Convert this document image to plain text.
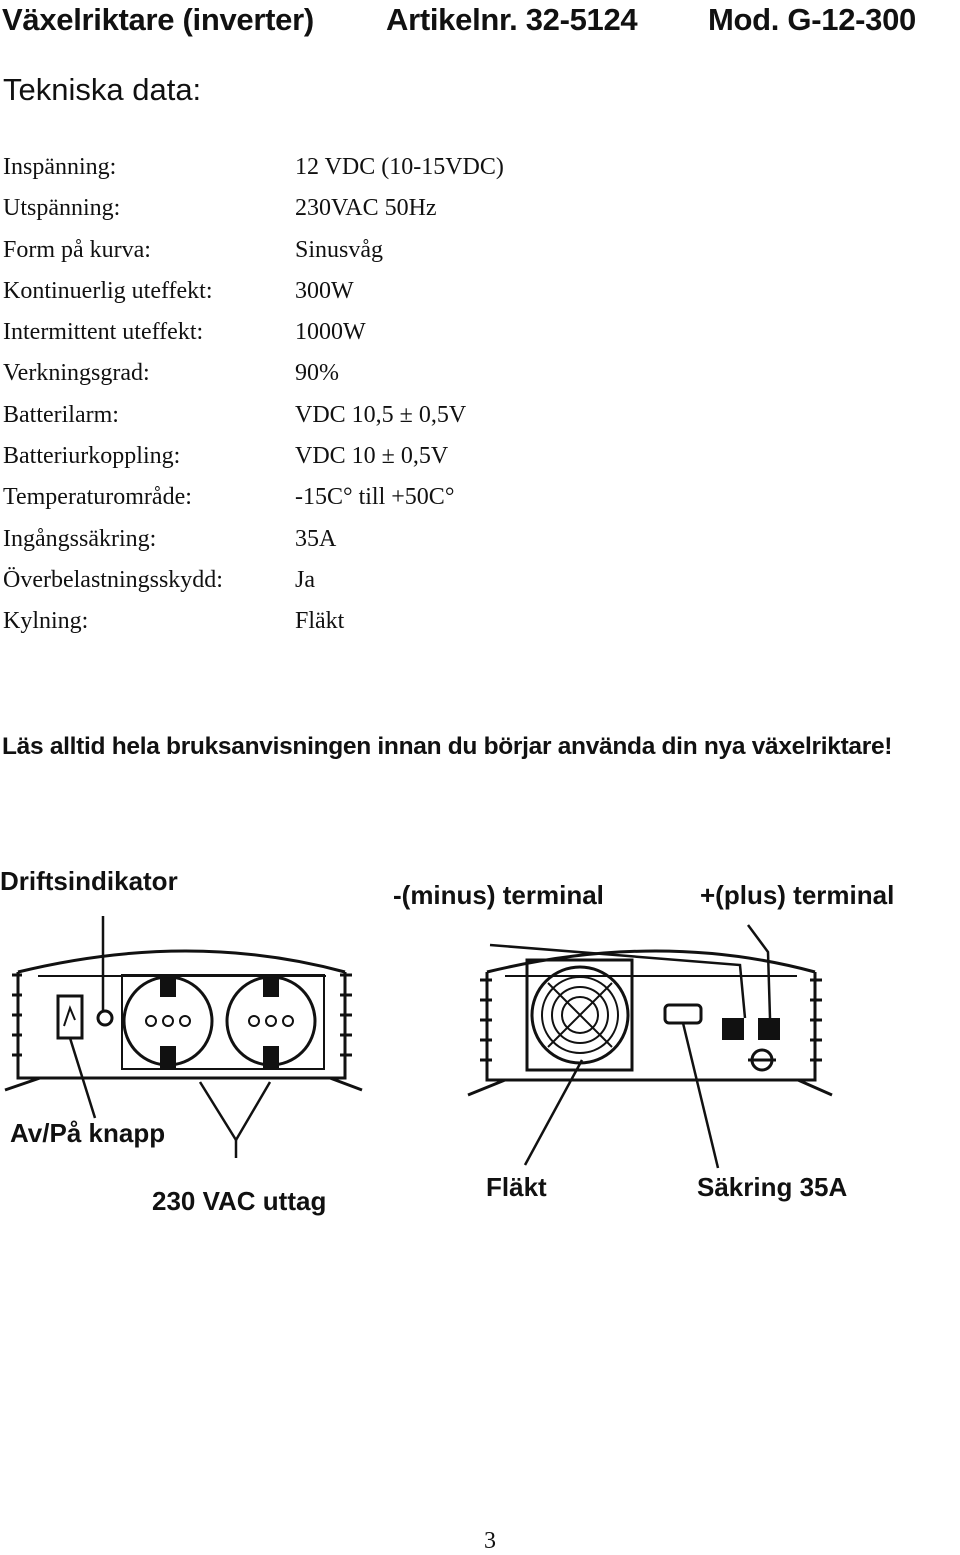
Växelriktare (inverter) Artikelnr. 32-5124 Mod. G-12-300
Tekniska data:
Inspänning:	12 VDC (10-15VDC)
Utspänning:	230VAC 50Hz
Form på kurva:	Sinusvåg
Kontinuerlig uteffekt:	300W
Intermittent uteffekt:	1000W
Verkningsgrad:	90%
Batterilarm:	VDC 10,5 ± 0,5V
Batteriurkoppling:	VDC 10 ± 0,5V
Temperaturområde:	-15C° till +50C°
Ingångssäkring:	35A
Överbelastningsskydd:	Ja
Kylning:	Fläkt
Läs alltid hela bruksanvisningen innan du börjar använda din nya växelriktare!
Driftsindikator	-(minus) terminal	+(plus) terminal
Av/På knapp
230 VAC uttag	Fläkt	Säkring 35A
3
